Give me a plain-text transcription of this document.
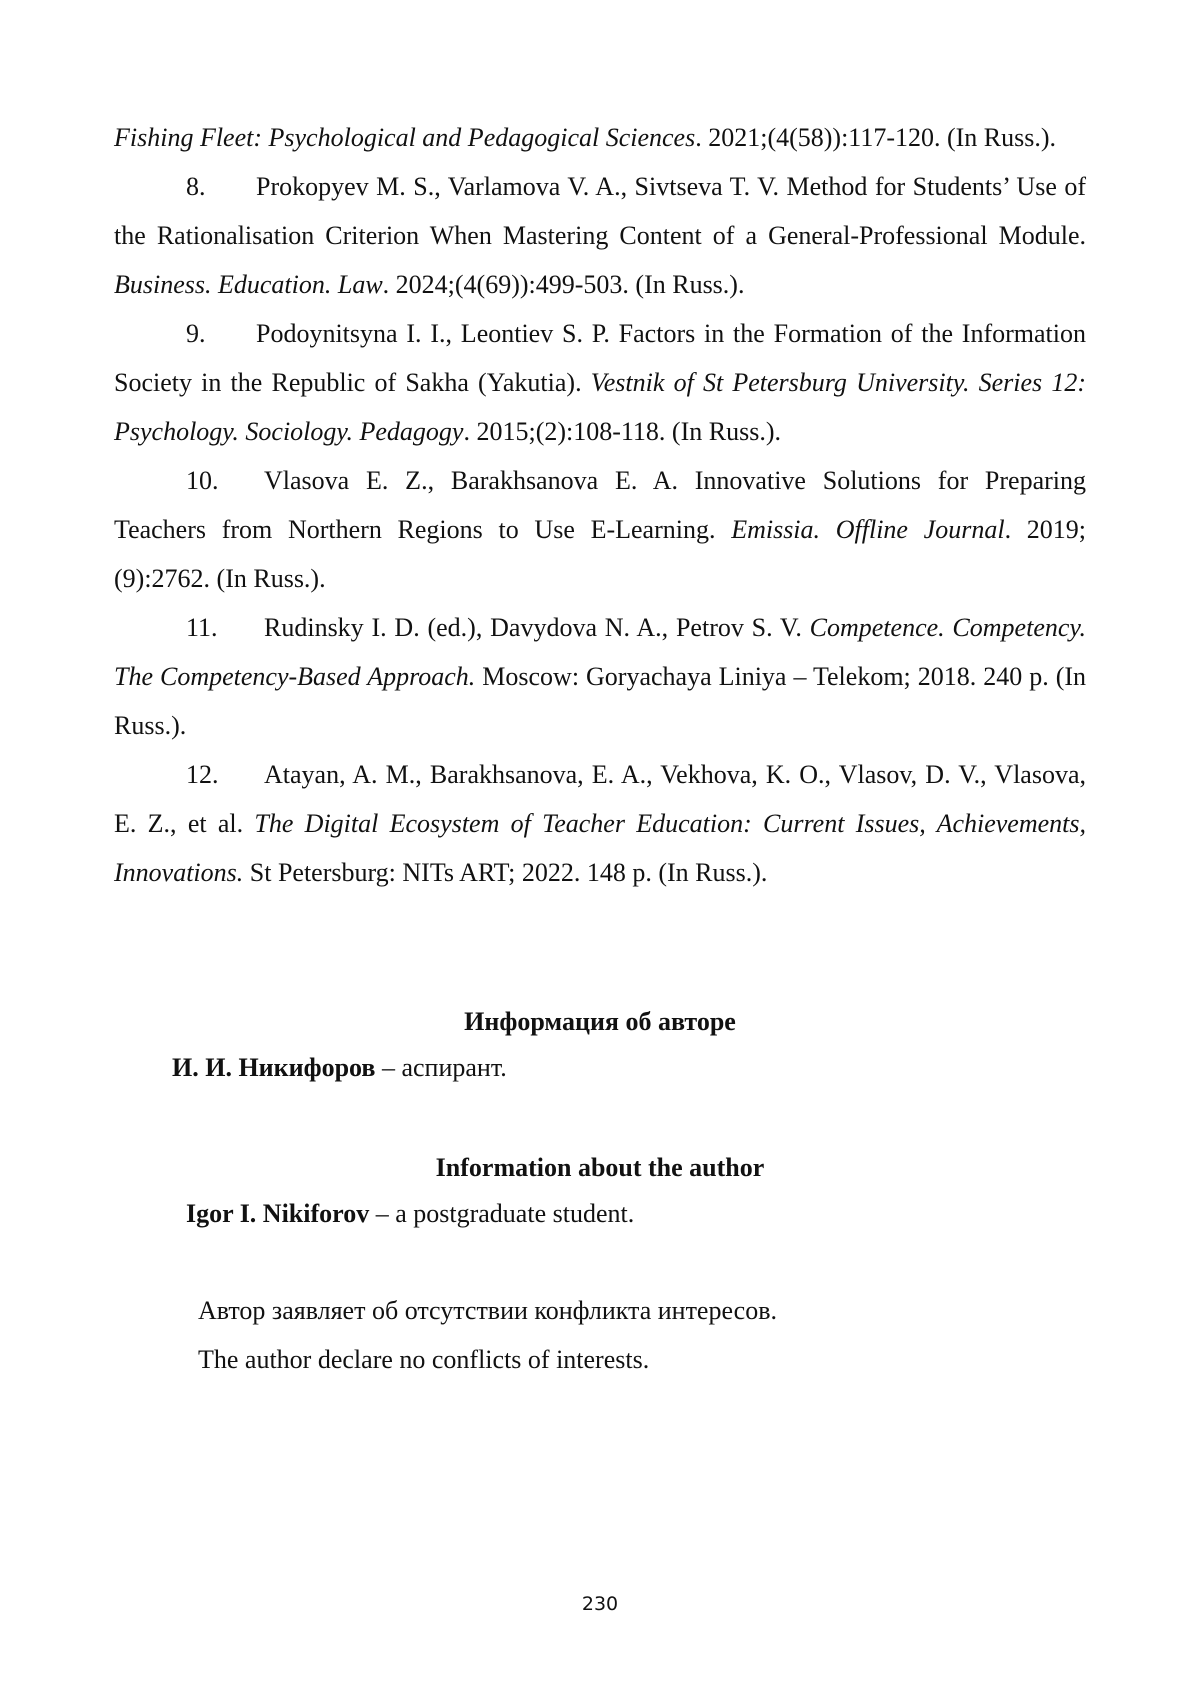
Fishing Fleet: Psychological and Pedagogical Sciences. 2021;(4(58)):117-120. (In Russ.).

8. Prokopyev M. S., Varlamova V. A., Sivtseva T. V. Method for Students’ Use of the Rationalisation Criterion When Mastering Content of a General-Professional Module. Business. Education. Law. 2024;(4(69)):499-503. (In Russ.).

9. Podoynitsyna I. I., Leontiev S. P. Factors in the Formation of the Information Society in the Republic of Sakha (Yakutia). Vestnik of St Petersburg University. Series 12: Psychology. Sociology. Pedagogy. 2015;(2):108-118. (In Russ.).

10. Vlasova E. Z., Barakhsanova E. A. Innovative Solutions for Preparing Teachers from Northern Regions to Use E-Learning. Emissia. Offline Journal. 2019;(9):2762. (In Russ.).

11. Rudinsky I. D. (ed.), Davydova N. A., Petrov S. V. Competence. Competency. The Competency-Based Approach. Moscow: Goryachaya Liniya – Telekom; 2018. 240 p. (In Russ.).

12. Atayan, A. M., Barakhsanova, E. A., Vekhova, K. O., Vlasov, D. V., Vlasova, E. Z., et al. The Digital Ecosystem of Teacher Education: Current Issues, Achievements, Innovations. St Petersburg: NITs ART; 2022. 148 p. (In Russ.).

Информация об авторе
И. И. Никифоров – аспирант.
Information about the author
Igor I. Nikiforov – a postgraduate student.
Автор заявляет об отсутствии конфликта интересов.
The author declare no conflicts of interests.
230
